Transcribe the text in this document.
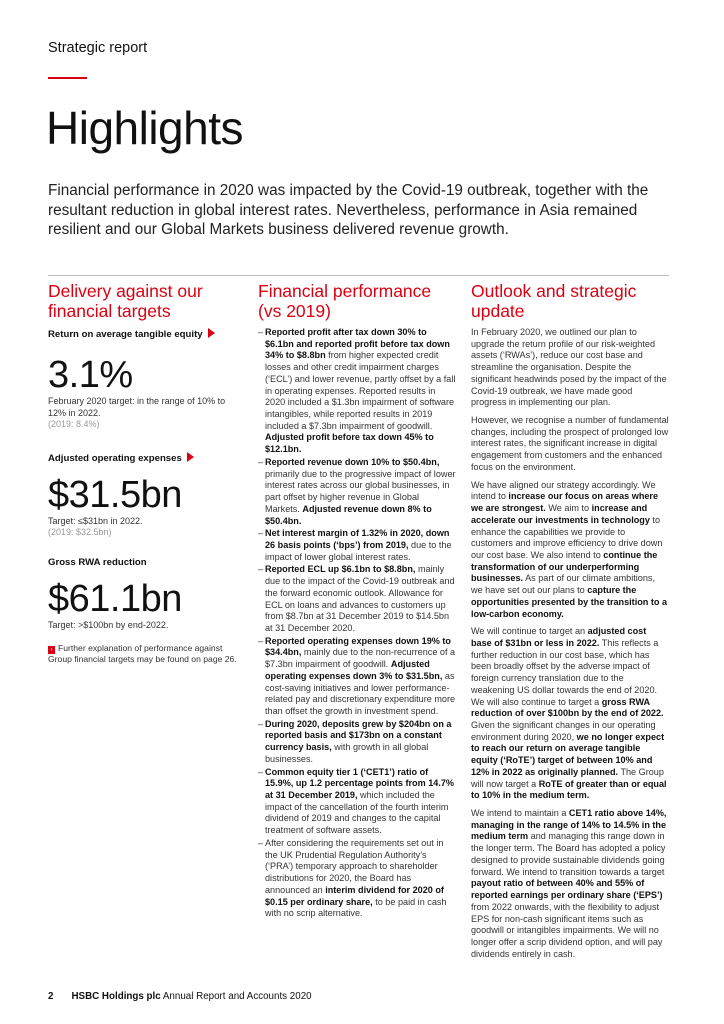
Strategic report
Highlights
Financial performance in 2020 was impacted by the Covid-19 outbreak, together with the resultant reduction in global interest rates. Nevertheless, performance in Asia remained resilient and our Global Markets business delivered revenue growth.
Delivery against our financial targets
Return on average tangible equity
3.1%
February 2020 target: in the range of 10% to 12% in 2022.
(2019: 8.4%)
Adjusted operating expenses
$31.5bn
Target: ≤$31bn in 2022.
(2019: $32.5bn)
Gross RWA reduction
$61.1bn
Target: >$100bn by end-2022.
› Further explanation of performance against Group financial targets may be found on page 26.
Financial performance (vs 2019)
– Reported profit after tax down 30% to $6.1bn and reported profit before tax down 34% to $8.8bn from higher expected credit losses and other credit impairment charges (‘ECL’) and lower revenue, partly offset by a fall in operating expenses. Reported results in 2020 included a $1.3bn impairment of software intangibles, while reported results in 2019 included a $7.3bn impairment of goodwill. Adjusted profit before tax down 45% to $12.1bn.
– Reported revenue down 10% to $50.4bn, primarily due to the progressive impact of lower interest rates across our global businesses, in part offset by higher revenue in Global Markets. Adjusted revenue down 8% to $50.4bn.
– Net interest margin of 1.32% in 2020, down 26 basis points (‘bps’) from 2019, due to the impact of lower global interest rates.
– Reported ECL up $6.1bn to $8.8bn, mainly due to the impact of the Covid-19 outbreak and the forward economic outlook. Allowance for ECL on loans and advances to customers up from $8.7bn at 31 December 2019 to $14.5bn at 31 December 2020.
– Reported operating expenses down 19% to $34.4bn, mainly due to the non-recurrence of a $7.3bn impairment of goodwill. Adjusted operating expenses down 3% to $31.5bn, as cost-saving initiatives and lower performance-related pay and discretionary expenditure more than offset the growth in investment spend.
– During 2020, deposits grew by $204bn on a reported basis and $173bn on a constant currency basis, with growth in all global businesses.
– Common equity tier 1 (‘CET1’) ratio of 15.9%, up 1.2 percentage points from 14.7% at 31 December 2019, which included the impact of the cancellation of the fourth interim dividend of 2019 and changes to the capital treatment of software assets.
– After considering the requirements set out in the UK Prudential Regulation Authority’s (‘PRA’) temporary approach to shareholder distributions for 2020, the Board has announced an interim dividend for 2020 of $0.15 per ordinary share, to be paid in cash with no scrip alternative.
Outlook and strategic update

In February 2020, we outlined our plan to upgrade the return profile of our risk-weighted assets (‘RWAs’), reduce our cost base and streamline the organisation. Despite the significant headwinds posed by the impact of the Covid-19 outbreak, we have made good progress in implementing our plan.

However, we recognise a number of fundamental changes, including the prospect of prolonged low interest rates, the significant increase in digital engagement from customers and the enhanced focus on the environment.

We have aligned our strategy accordingly. We intend to increase our focus on areas where we are strongest. We aim to increase and accelerate our investments in technology to enhance the capabilities we provide to customers and improve efficiency to drive down our cost base. We also intend to continue the transformation of our underperforming businesses. As part of our climate ambitions, we have set out our plans to capture the opportunities presented by the transition to a low-carbon economy.

We will continue to target an adjusted cost base of $31bn or less in 2022. This reflects a further reduction in our cost base, which has been broadly offset by the adverse impact of foreign currency translation due to the weakening US dollar towards the end of 2020. We will also continue to target a gross RWA reduction of over $100bn by the end of 2022. Given the significant changes in our operating environment during 2020, we no longer expect to reach our return on average tangible equity (‘RoTE’) target of between 10% and 12% in 2022 as originally planned. The Group will now target a RoTE of greater than or equal to 10% in the medium term.

We intend to maintain a CET1 ratio above 14%, managing in the range of 14% to 14.5% in the medium term and managing this range down in the longer term. The Board has adopted a policy designed to provide sustainable dividends going forward. We intend to transition towards a target payout ratio of between 40% and 55% of reported earnings per ordinary share (‘EPS’) from 2022 onwards, with the flexibility to adjust EPS for non-cash significant items such as goodwill or intangibles impairments. We will no longer offer a scrip dividend option, and will pay dividends entirely in cash.

2 HSBC Holdings plc Annual Report and Accounts 2020
